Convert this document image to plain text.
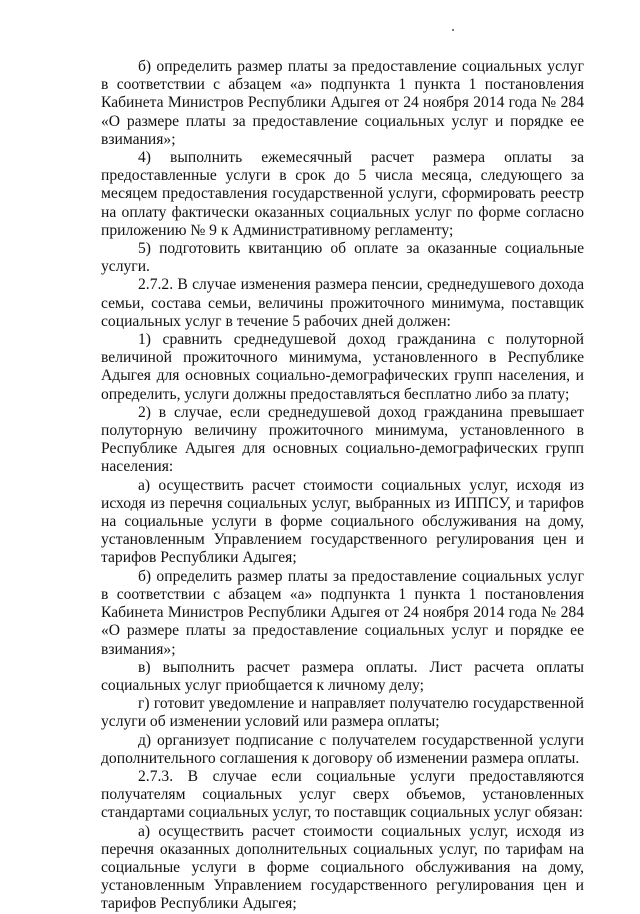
б) определить размер платы за предоставление социальных услуг в соответствии с абзацем «а» подпункта 1 пункта 1 постановления Кабинета Министров Республики Адыгея от 24 ноября 2014 года № 284 «О размере платы за предоставление социальных услуг и порядке ее взимания»;

4) выполнить ежемесячный расчет размера оплаты за предоставленные услуги в срок до 5 числа месяца, следующего за месяцем предоставления государственной услуги, сформировать реестр на оплату фактически оказанных социальных услуг по форме согласно приложению № 9 к Административному регламенту;

5) подготовить квитанцию об оплате за оказанные социальные услуги.

2.7.2. В случае изменения размера пенсии, среднедушевого дохода семьи, состава семьи, величины прожиточного минимума, поставщик социальных услуг в течение 5 рабочих дней должен:

1) сравнить среднедушевой доход гражданина с полуторной величиной прожиточного минимума, установленного в Республике Адыгея для основных социально-демографических групп населения, и определить, услуги должны предоставляться бесплатно либо за плату;

2) в случае, если среднедушевой доход гражданина превышает полуторную величину прожиточного минимума, установленного в Республике Адыгея для основных социально-демографических групп населения:

а) осуществить расчет стоимости социальных услуг, исходя из исходя из перечня социальных услуг, выбранных из ИППСУ, и тарифов на социальные услуги в форме социального обслуживания на дому, установленным Управлением государственного регулирования цен и тарифов Республики Адыгея;

б) определить размер платы за предоставление социальных услуг в соответствии с абзацем «а» подпункта 1 пункта 1 постановления Кабинета Министров Республики Адыгея от 24 ноября 2014 года № 284 «О размере платы за предоставление социальных услуг и порядке ее взимания»;

в) выполнить расчет размера оплаты. Лист расчета оплаты социальных услуг приобщается к личному делу;

г) готовит уведомление и направляет получателю государственной услуги об изменении условий или размера оплаты;

д) организует подписание с получателем государственной услуги дополнительного соглашения к договору об изменении размера оплаты.

2.7.3. В случае если социальные услуги предоставляются получателям социальных услуг сверх объемов, установленных стандартами социальных услуг, то поставщик социальных услуг обязан:

а) осуществить расчет стоимости социальных услуг, исходя из перечня оказанных дополнительных социальных услуг, по тарифам на социальные услуги в форме социального обслуживания на дому, установленным Управлением государственного регулирования цен и тарифов Республики Адыгея;
